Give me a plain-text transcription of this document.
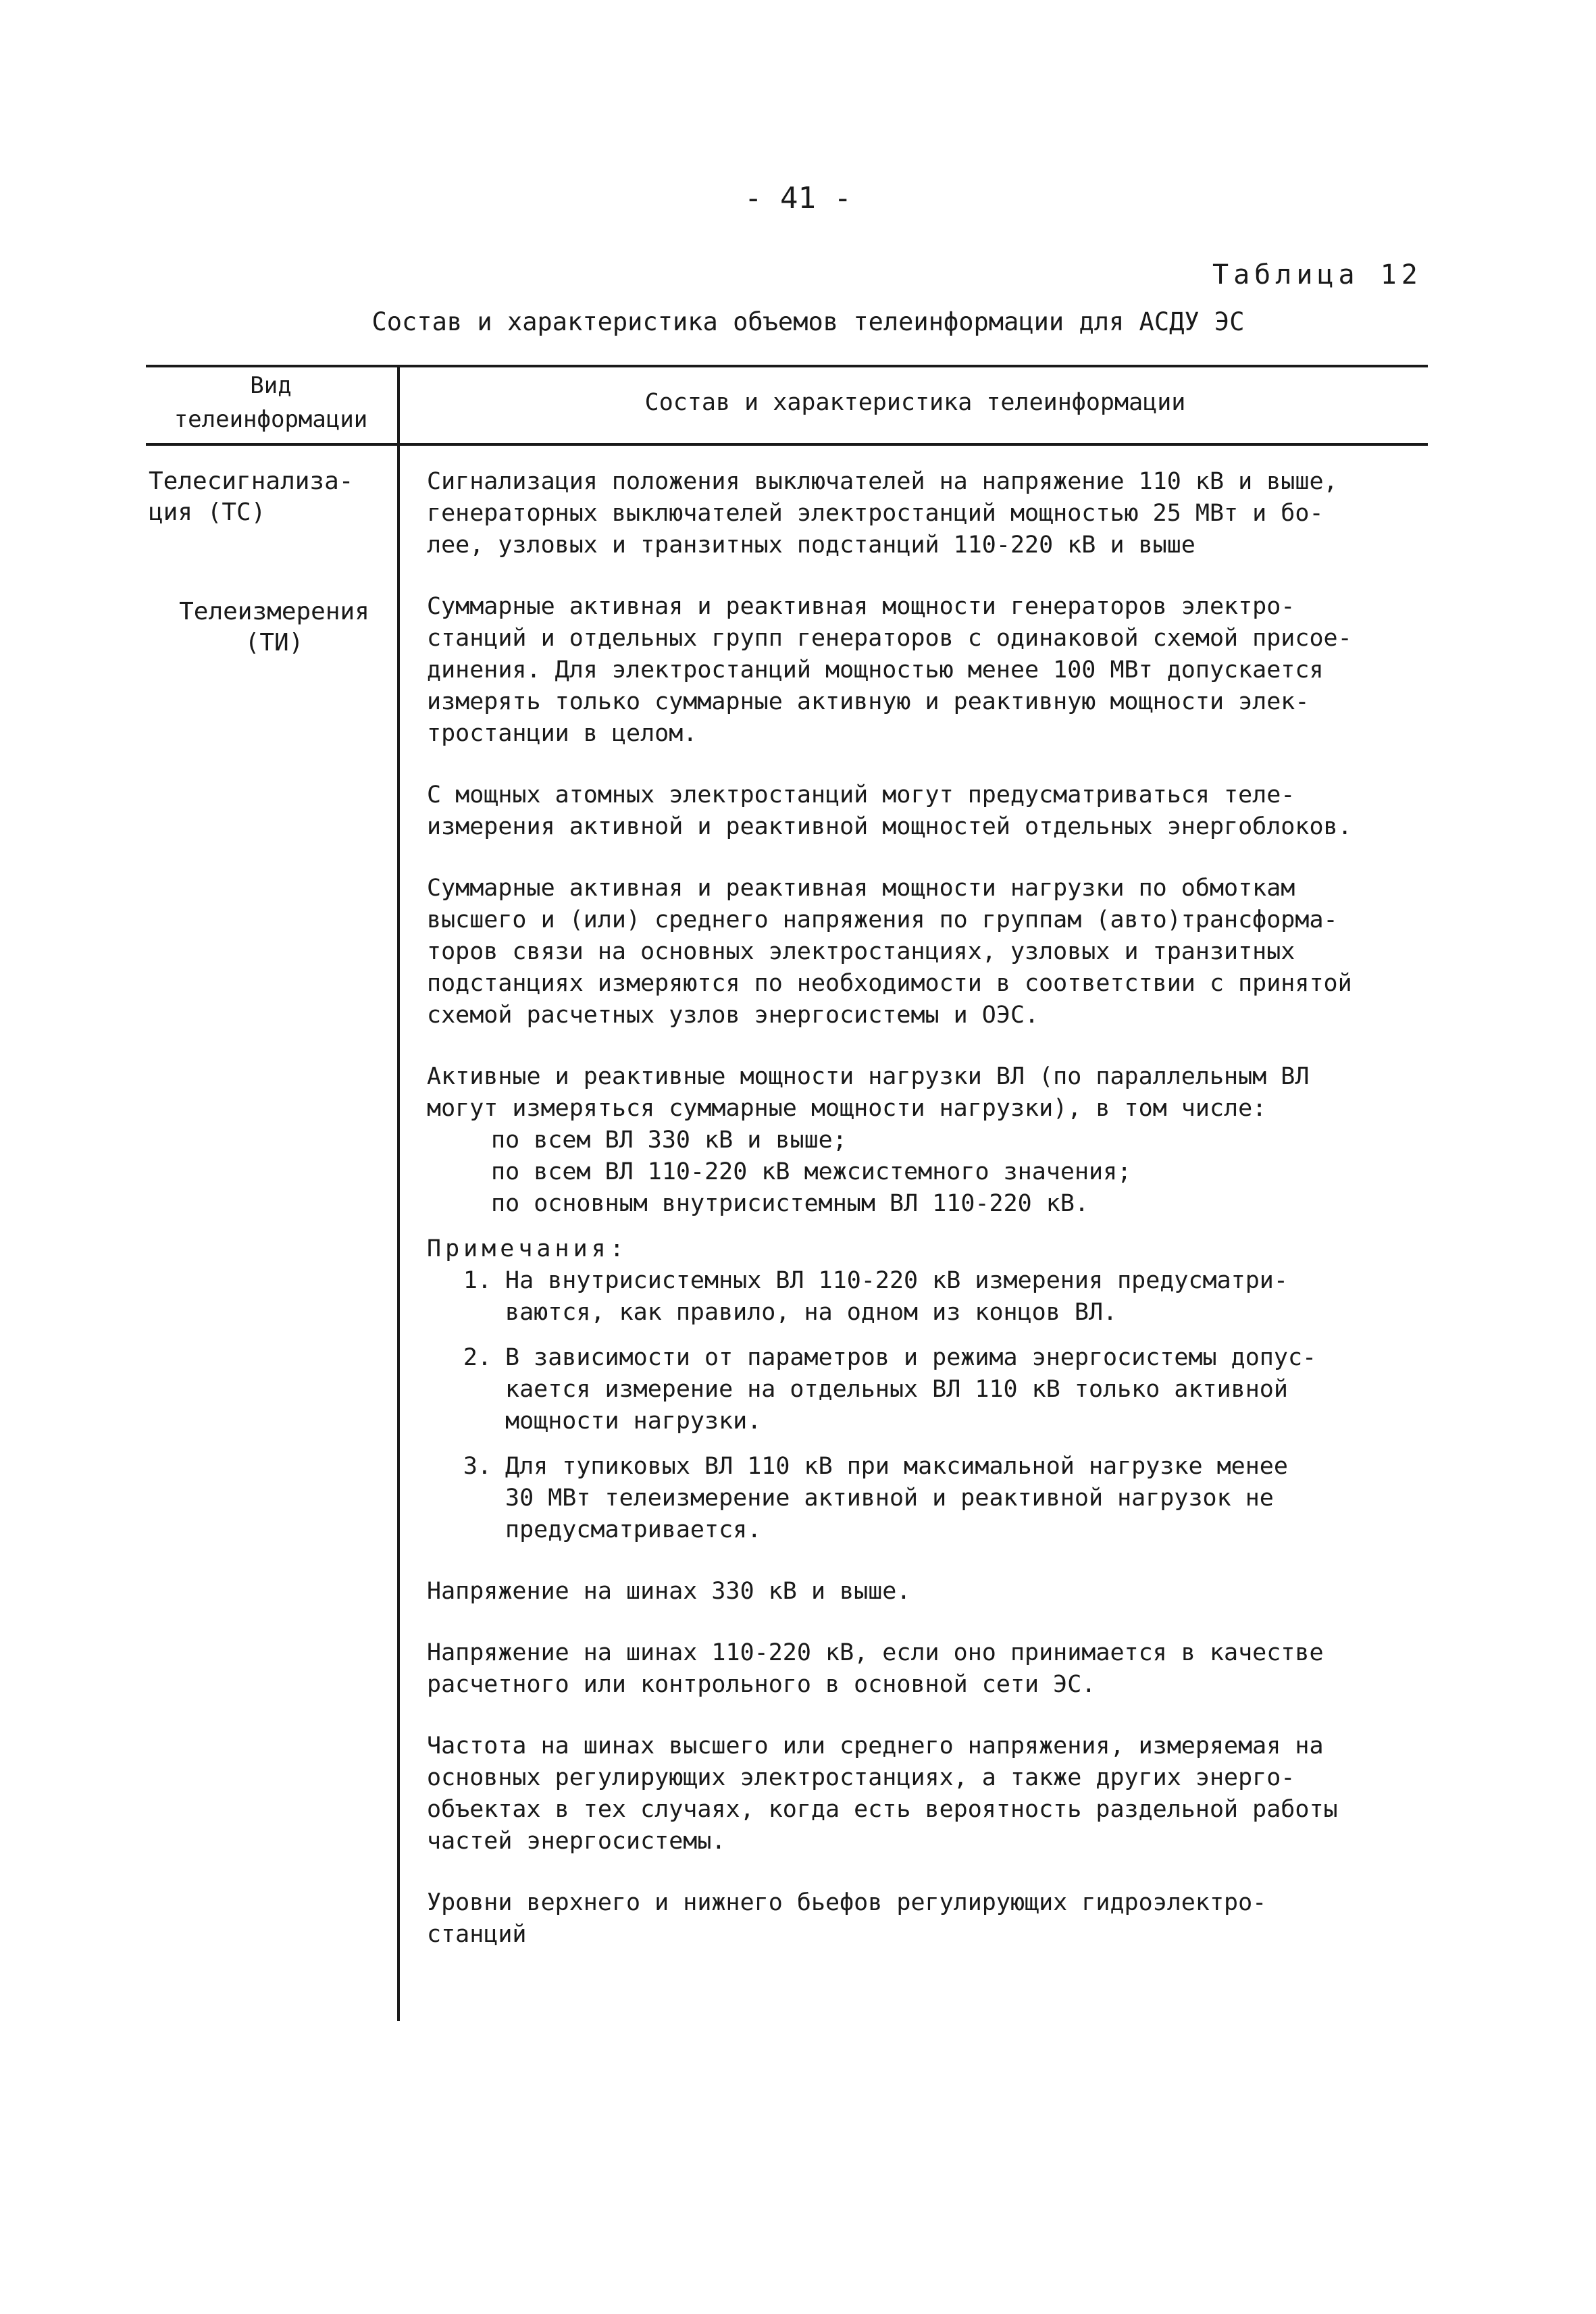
- 41 -
Таблица 12
Состав и характеристика объемов телеинформации для АСДУ ЭС
Вид
телеинформации
Состав и характеристика телеинформации
Телесигнализа-
ция (ТС)
Телеизмерения
(ТИ)

Сигнализация положения выключателей на напряжение 110 кВ и выше,

генераторных выключателей электростанций мощностью 25 МВт и бо-

лее, узловых и транзитных подстанций 110-220 кВ и выше

Суммарные активная и реактивная мощности генераторов электро-

станций и отдельных групп генераторов с одинаковой схемой присое-

динения. Для электростанций мощностью менее 100 МВт допускается

измерять только суммарные активную и реактивную мощности элек-

тростанции в целом.

С мощных атомных электростанций могут предусматриваться теле-

измерения активной и реактивной мощностей отдельных энергоблоков.

Суммарные активная и реактивная мощности нагрузки по обмоткам

высшего и (или) среднего напряжения по группам (авто)трансформа-

торов связи на основных электростанциях, узловых и транзитных

подстанциях измеряются по необходимости в соответствии с принятой

схемой расчетных узлов энергосистемы и ОЭС.

Активные и реактивные мощности нагрузки ВЛ (по параллельным ВЛ

могут измеряться суммарные мощности нагрузки), в том числе:

по всем ВЛ 330 кВ и выше;

по всем ВЛ 110-220 кВ межсистемного значения;

по основным внутрисистемным ВЛ 110-220 кВ.

Примечания:

1. На внутрисистемных ВЛ 110-220 кВ измерения предусматри-
ваются, как правило, на одном из концов ВЛ.
2. В зависимости от параметров и режима энергосистемы допус-
кается измерение на отдельных ВЛ 110 кВ только активной
мощности нагрузки.
3. Для тупиковых ВЛ 110 кВ при максимальной нагрузке менее
30 МВт телеизмерение активной и реактивной нагрузок не
предусматривается.

Напряжение на шинах 330 кВ и выше.

Напряжение на шинах 110-220 кВ, если оно принимается в качестве

расчетного или контрольного в основной сети ЭС.

Частота на шинах высшего или среднего напряжения, измеряемая на

основных регулирующих электростанциях, а также других энерго-

объектах в тех случаях, когда есть вероятность раздельной работы

частей энергосистемы.

Уровни верхнего и нижнего бьефов регулирующих гидроэлектро-

станций
